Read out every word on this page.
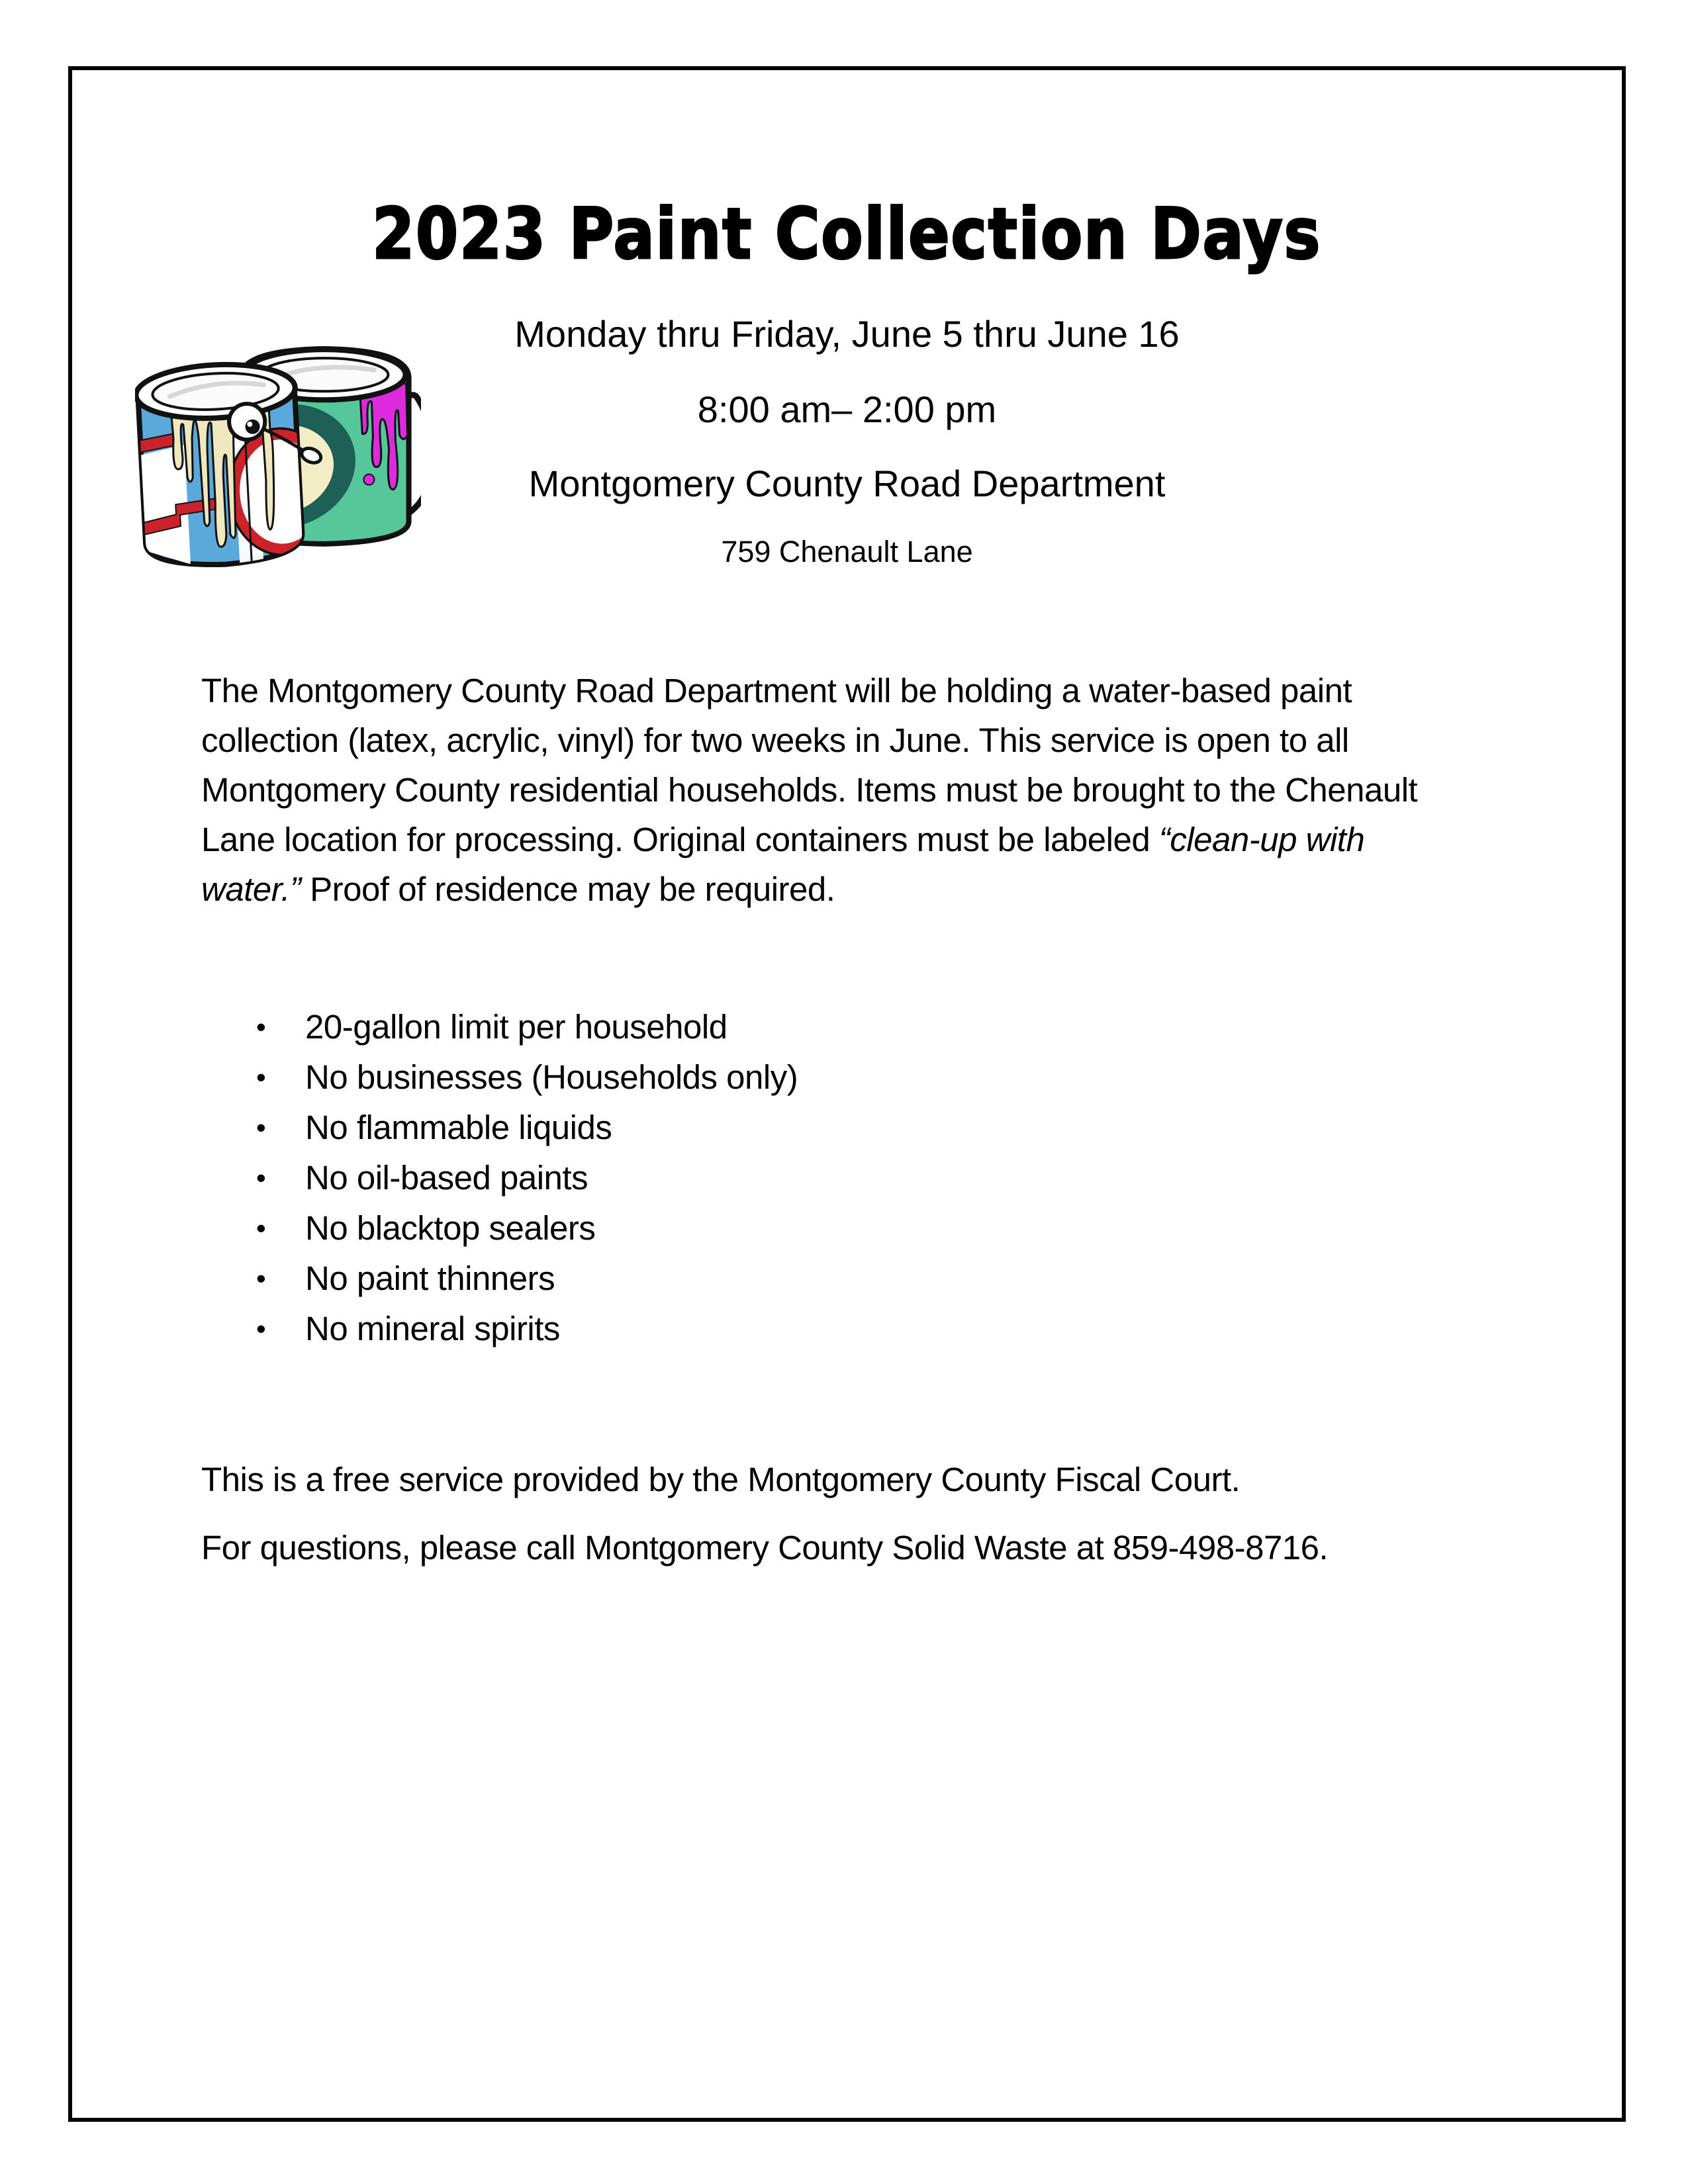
2023 Paint Collection Days
Monday thru Friday, June 5 thru June 16
8:00 am– 2:00 pm
Montgomery County Road Department
759 Chenault Lane

The Montgomery County Road Department will be holding a water-based paint collection (latex, acrylic, vinyl) for two weeks in June. This service is open to all Montgomery County residential households. Items must be brought to the Chenault Lane location for processing. Original containers must be labeled “clean-up with water.” Proof of residence may be required.

•	20-gallon limit per household
•	No businesses (Households only)
•	No flammable liquids
•	No oil-based paints
•	No blacktop sealers
•	No paint thinners
•	No mineral spirits

This is a free service provided by the Montgomery County Fiscal Court.

For questions, please call Montgomery County Solid Waste at 859-498-8716.
